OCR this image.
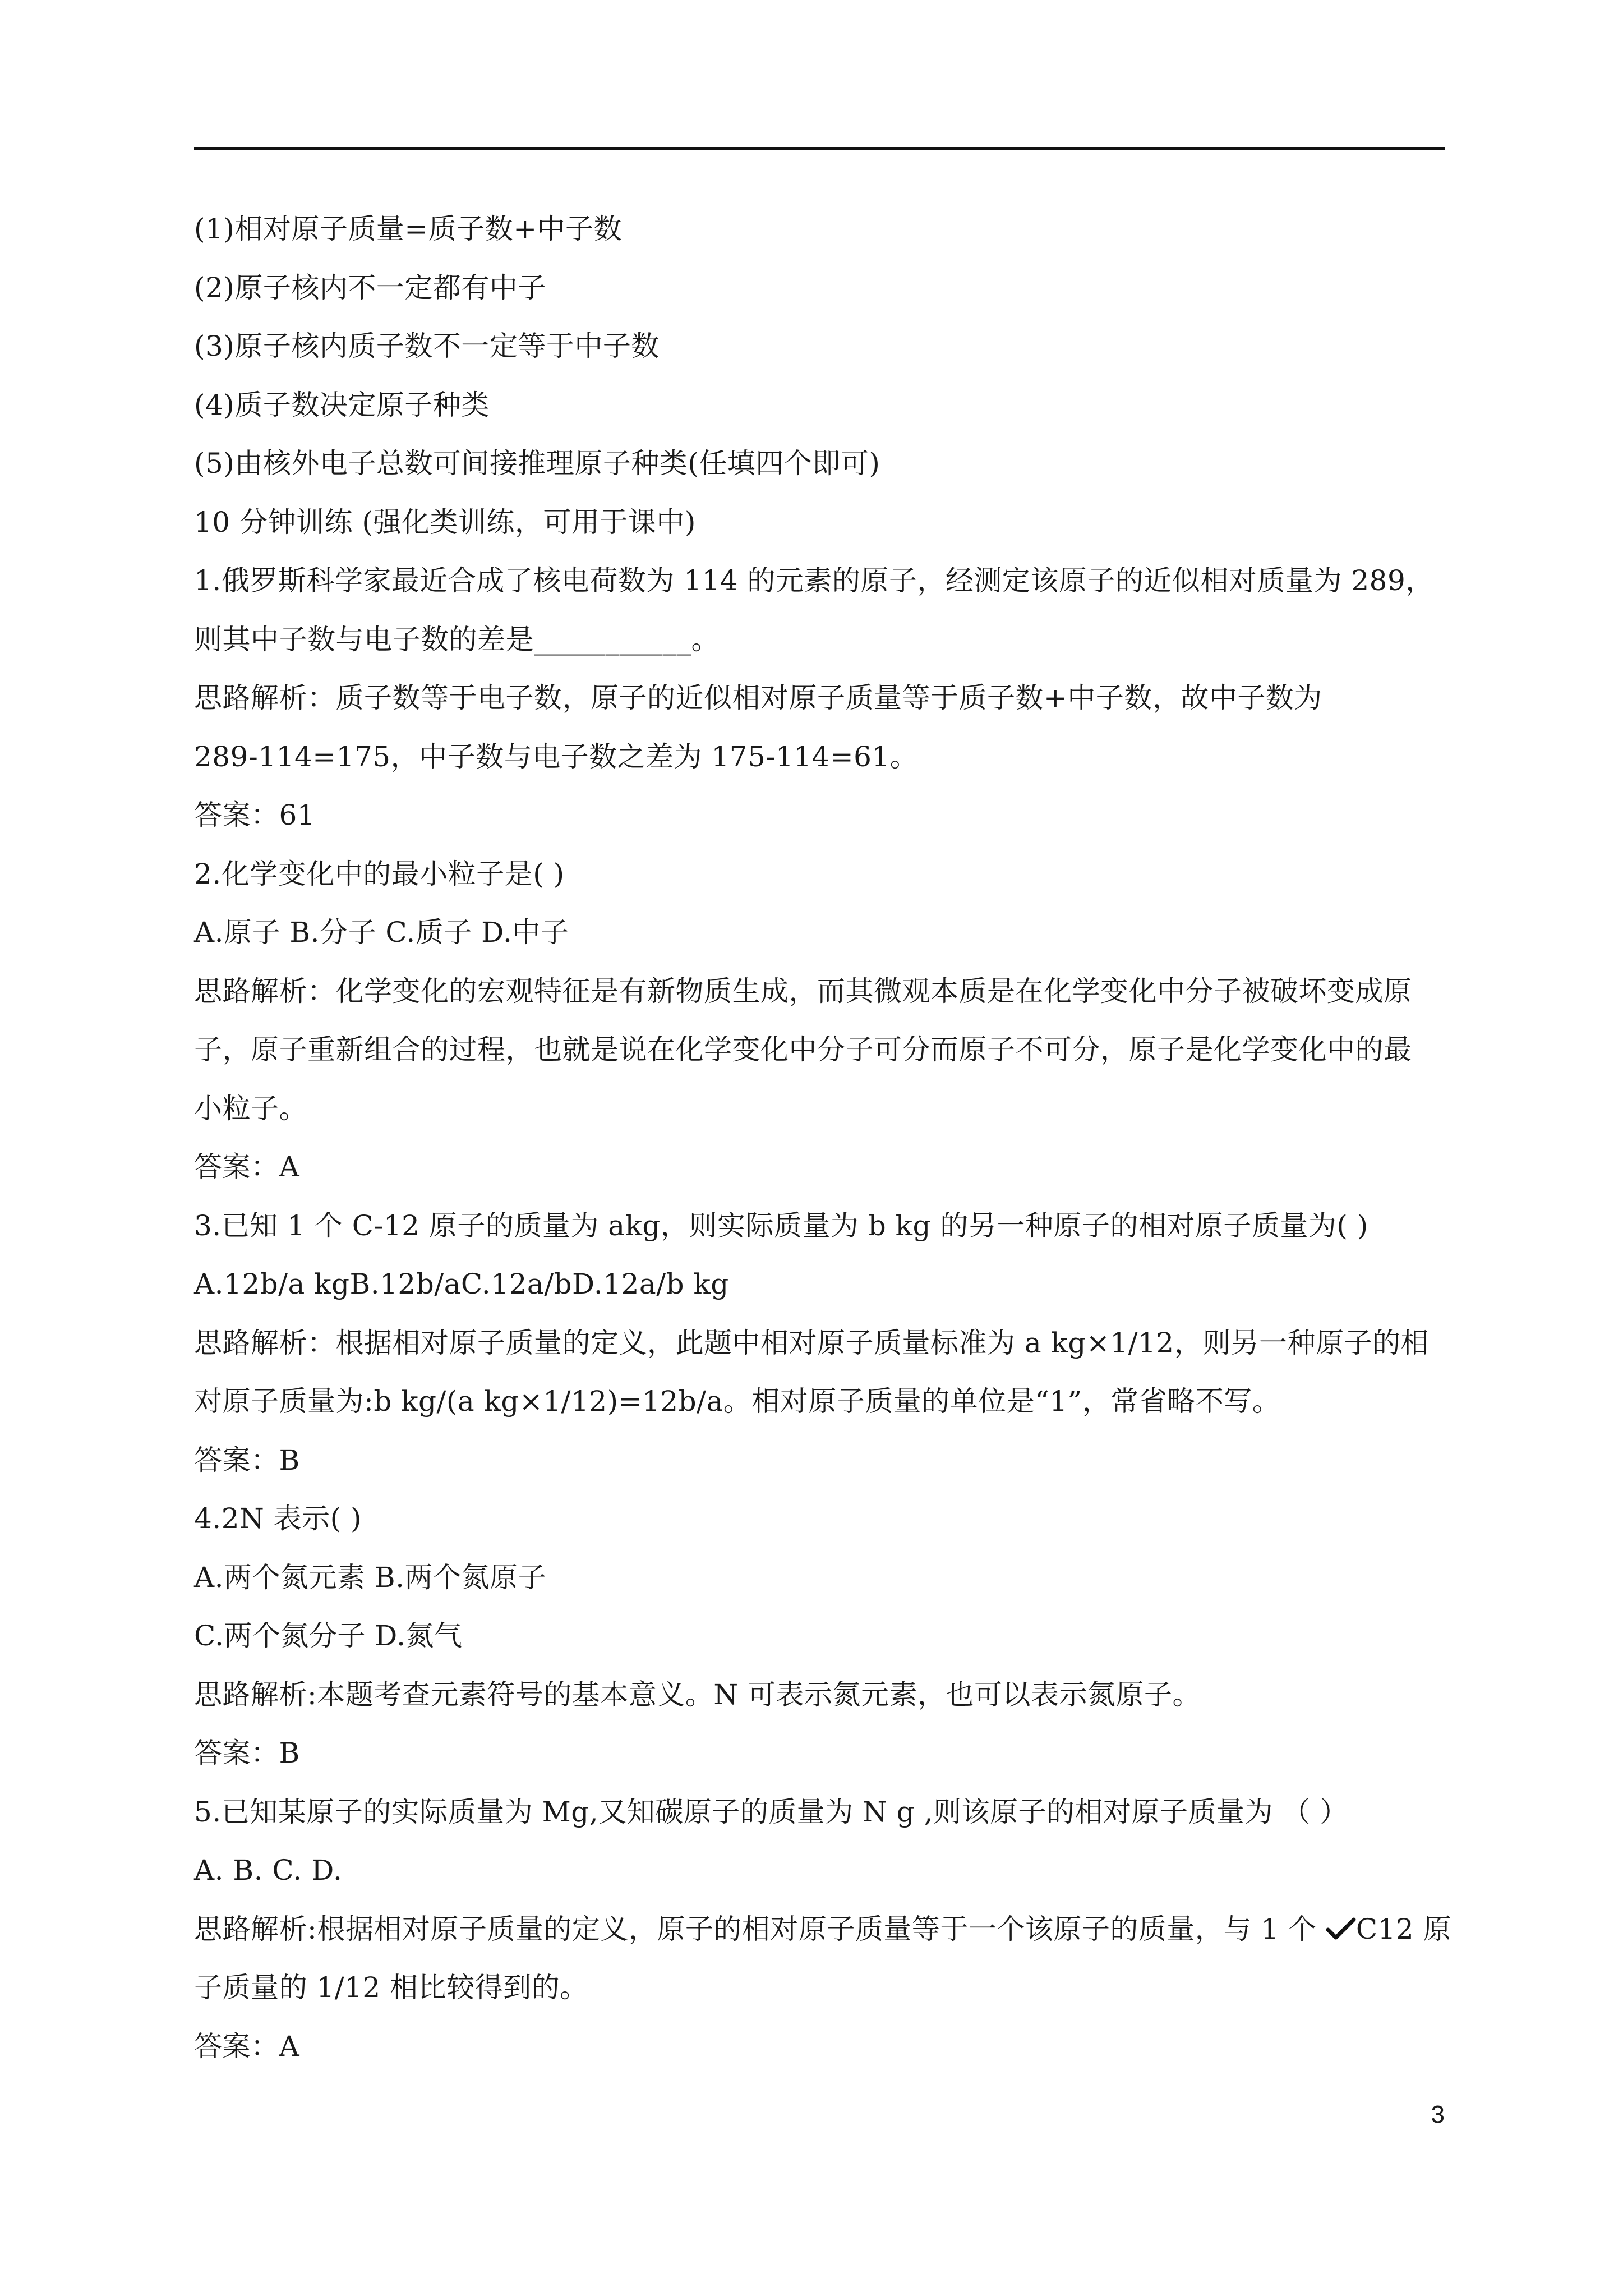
(1)相对原子质量=质子数+中子数
(2)原子核内不一定都有中子
(3)原子核内质子数不一定等于中子数
(4)质子数决定原子种类
(5)由核外电子总数可间接推理原子种类(任填四个即可)
10 分钟训练 (强化类训练，可用于课中)
1.俄罗斯科学家最近合成了核电荷数为 114 的元素的原子，经测定该原子的近似相对质量为 289，
则其中子数与电子数的差是___________。
思路解析：质子数等于电子数，原子的近似相对原子质量等于质子数+中子数，故中子数为
289-114=175，中子数与电子数之差为 175-114=61。
答案：61
2.化学变化中的最小粒子是( )
A.原子 B.分子 C.质子 D.中子
思路解析：化学变化的宏观特征是有新物质生成，而其微观本质是在化学变化中分子被破坏变成原
子，原子重新组合的过程，也就是说在化学变化中分子可分而原子不可分，原子是化学变化中的最
小粒子。
答案：A
3.已知 1 个 C-12 原子的质量为 akg，则实际质量为 b kg 的另一种原子的相对原子质量为( )
A.12b/a kgB.12b/aC.12a/bD.12a/b kg
思路解析：根据相对原子质量的定义，此题中相对原子质量标准为 a kg×1/12，则另一种原子的相
对原子质量为:b kg/(a kg×1/12)=12b/a。相对原子质量的单位是“1”，常省略不写。
答案：B
4.2N 表示( )
A.两个氮元素 B.两个氮原子
C.两个氮分子 D.氮气
思路解析:本题考查元素符号的基本意义。N 可表示氮元素，也可以表示氮原子。
答案：B
5.已知某原子的实际质量为 Mg,又知碳原子的质量为 N g ,则该原子的相对原子质量为 （ ）
A. B. C. D.
思路解析:根据相对原子质量的定义，原子的相对原子质量等于一个该原子的质量，与 1 个 C12 原
子质量的 1/12 相比较得到的。
答案：A
3
